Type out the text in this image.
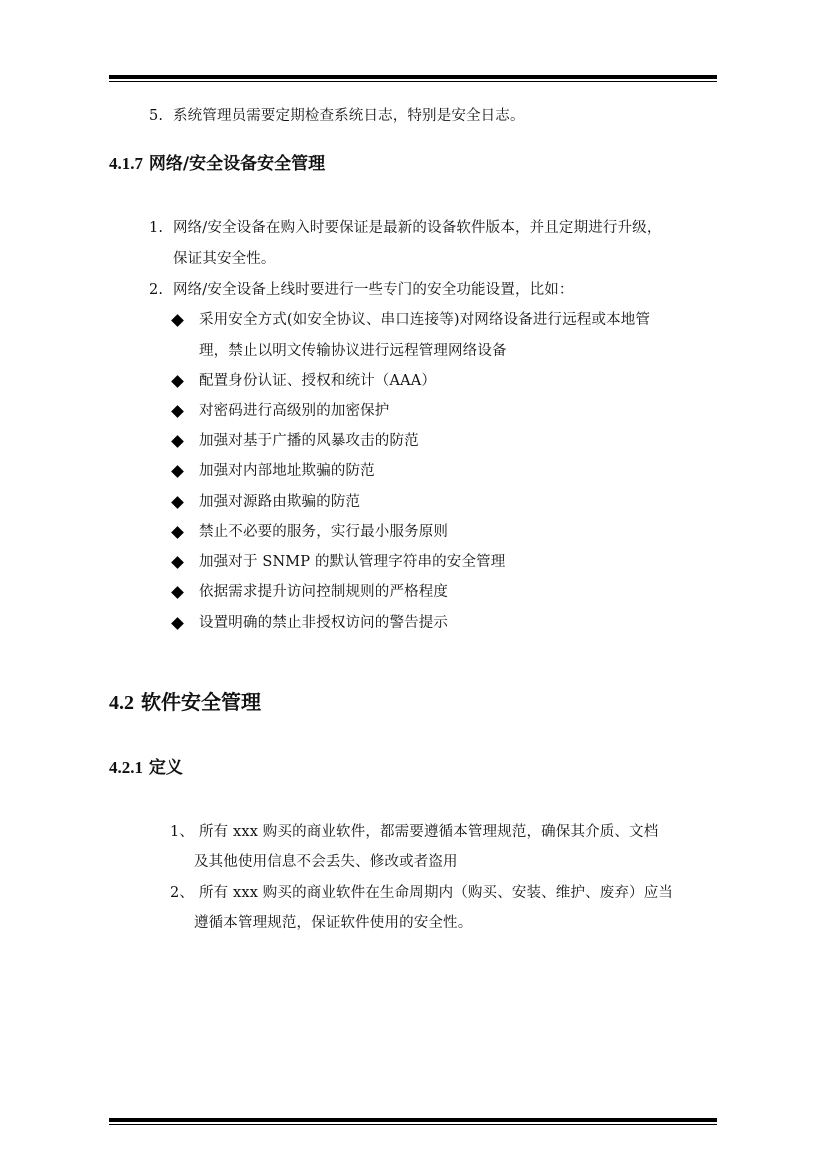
5. 系统管理员需要定期检查系统日志，特别是安全日志。
4.1.7 网络/安全设备安全管理
1. 网络/安全设备在购入时要保证是最新的设备软件版本，并且定期进行升级，
保证其安全性。
2. 网络/安全设备上线时要进行一些专门的安全功能设置，比如：
采用安全方式(如安全协议、串口连接等)对网络设备进行远程或本地管
理，禁止以明文传输协议进行远程管理网络设备
配置身份认证、授权和统计（AAA）
对密码进行高级别的加密保护
加强对基于广播的风暴攻击的防范
加强对内部地址欺骗的防范
加强对源路由欺骗的防范
禁止不必要的服务，实行最小服务原则
加强对于 SNMP 的默认管理字符串的安全管理
依据需求提升访问控制规则的严格程度
设置明确的禁止非授权访问的警告提示
4.2 软件安全管理
4.2.1 定义
1、 所有 xxx 购买的商业软件，都需要遵循本管理规范，确保其介质、文档
及其他使用信息不会丢失、修改或者盗用
2、 所有 xxx 购买的商业软件在生命周期内（购买、安装、维护、废弃）应当
遵循本管理规范，保证软件使用的安全性。
